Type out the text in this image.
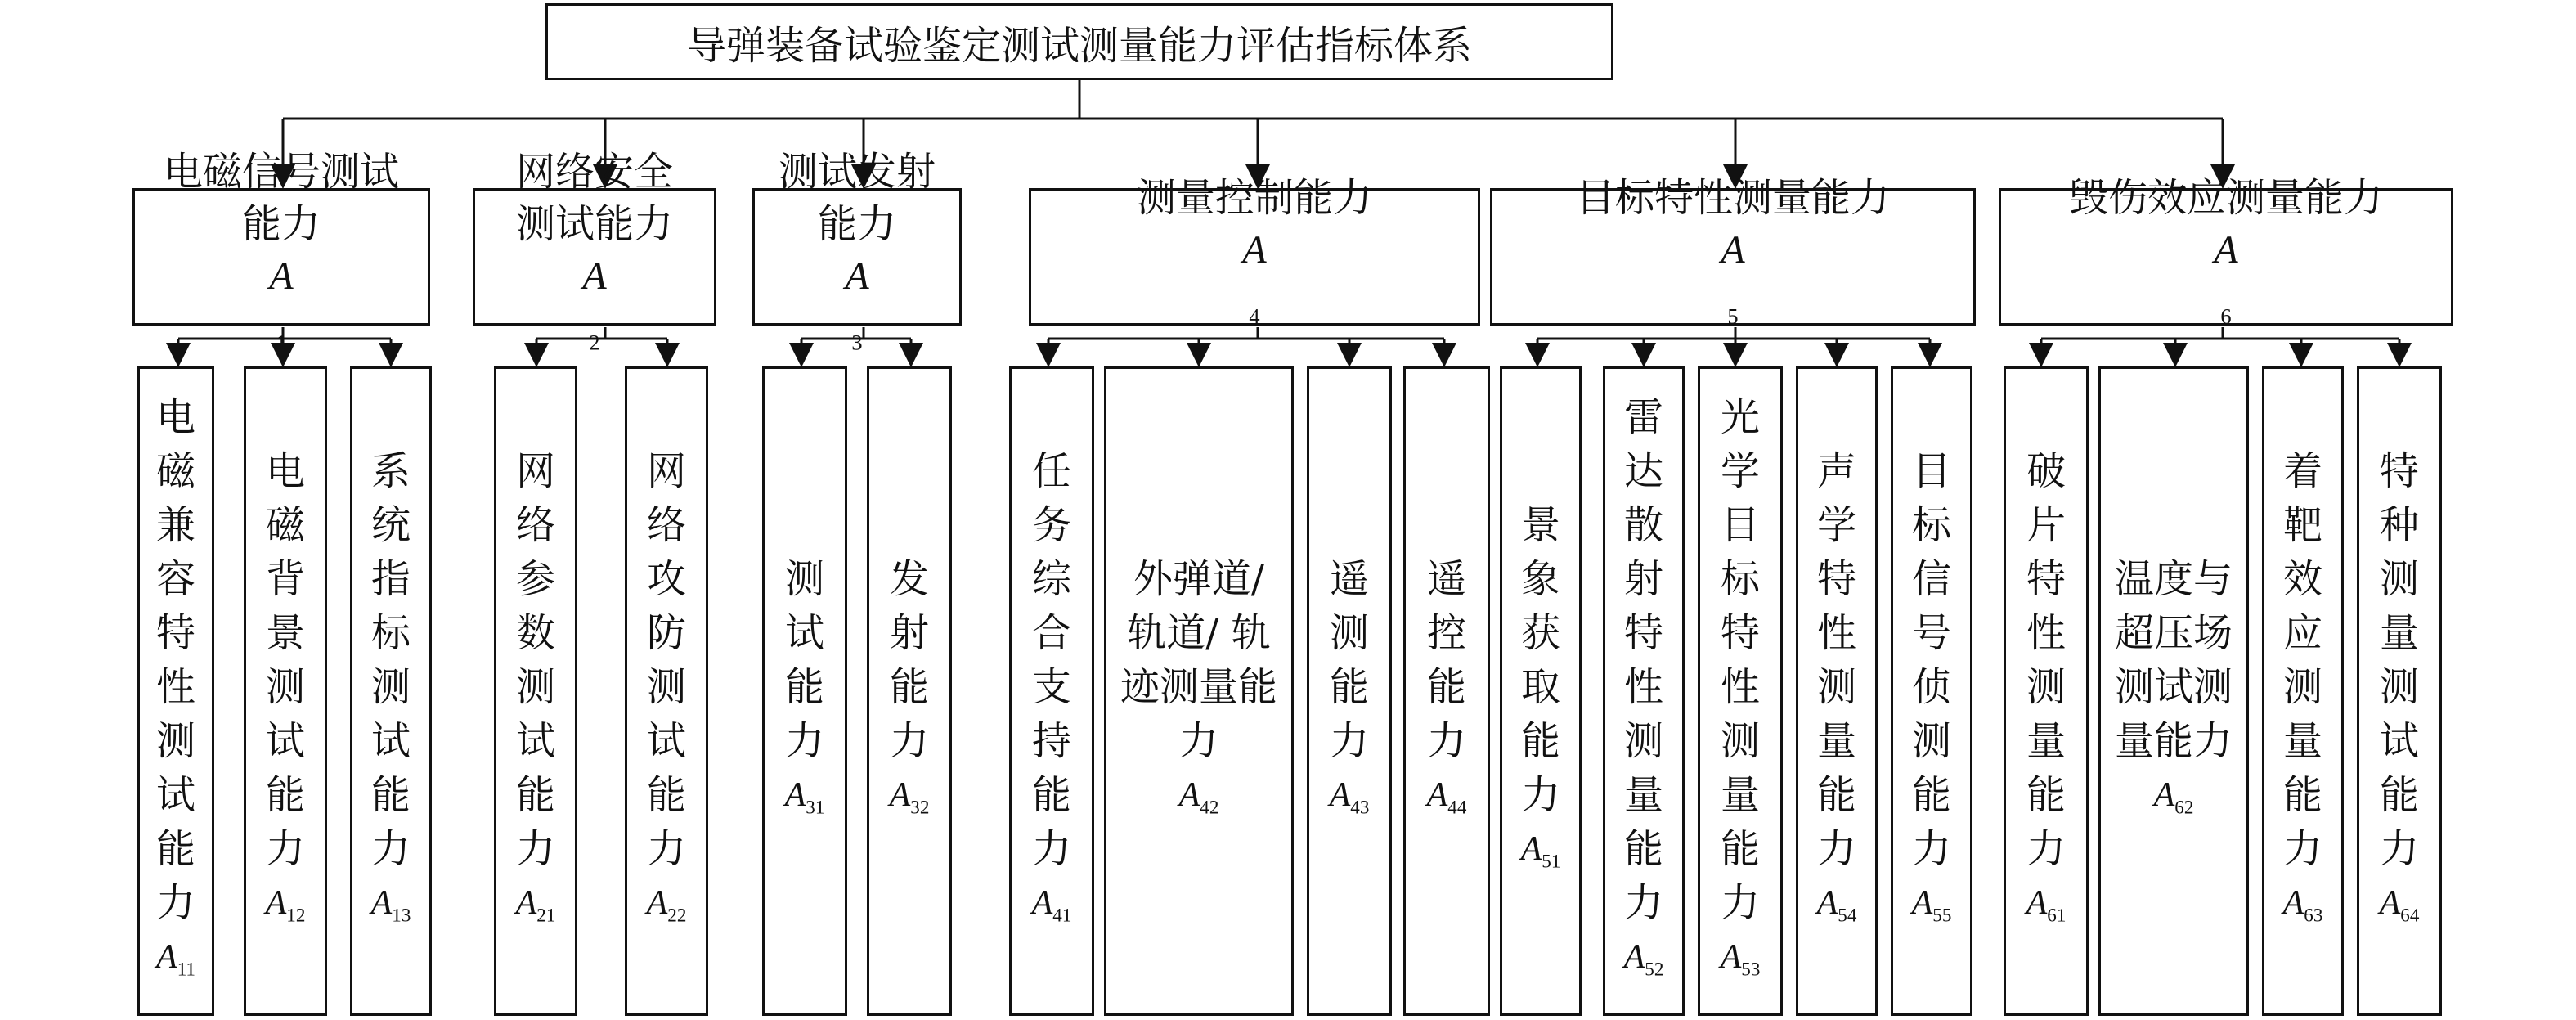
导弹装备试验鉴定测试测量能力评估指标体系
电磁信号测试
能力
A
$_1$
电
磁
兼
容
特
性
测
试
能
力
$A_{11}$
电
磁
背
景
测
试
能
力
$A_{12}$
系
统
指
标
测
试
能
力
$A_{13}$
网络安全
测试能力
A
$_2$
网
络
参
数
测
试
能
力
$A_{21}$
网
络
攻
防
测
试
能
力
$A_{22}$
测试发射
能力
A
$_3$
测
试
能
力
$A_{31}$
发
射
能
力
$A_{32}$
测量控制能力
A
$_4$
任
务
综
合
支
持
能
力
$A_{41}$
外弹道/
轨道/ 轨
迹测量能
力
$A_{42}$
遥
测
能
力
$A_{43}$
遥
控
能
力
$A_{44}$
目标特性测量能力
A
$_5$
景
象
获
取
能
力
$A_{51}$
雷
达
散
射
特
性
测
量
能
力
$A_{52}$
光
学
目
标
特
性
测
量
能
力
$A_{53}$
声
学
特
性
测
量
能
力
$A_{54}$
目
标
信
号
侦
测
能
力
$A_{55}$
毁伤效应测量能力
A
$_6$
破
片
特
性
测
量
能
力
$A_{61}$
温度与
超压场
测试测
量能力
$A_{62}$
着
靶
效
应
测
量
能
力
$A_{63}$
特
种
测
量
测
试
能
力
$A_{64}$
